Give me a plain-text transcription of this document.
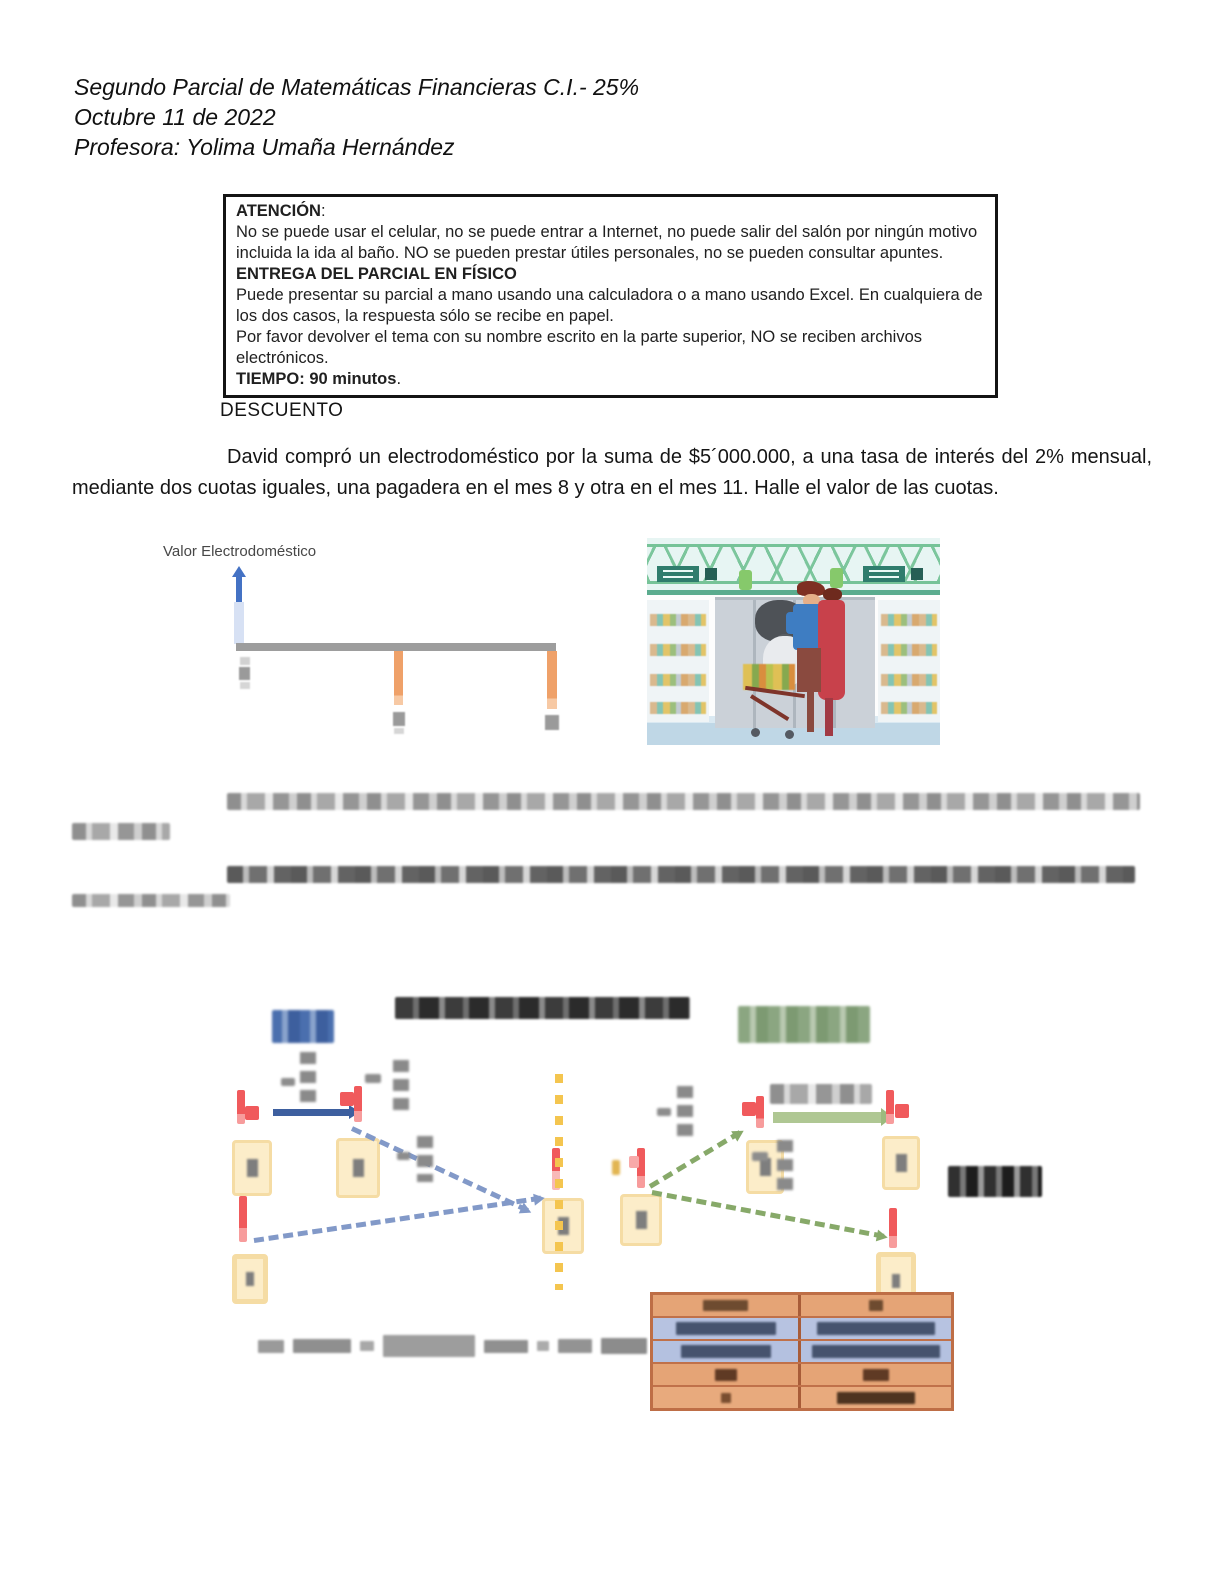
Segundo Parcial de Matemáticas Financieras C.I.- 25%
Octubre 11 de 2022
Profesora: Yolima Umaña Hernández
ATENCIÓN:
No se puede usar el celular, no se puede entrar a Internet, no puede salir del salón por ningún motivo incluida la ida al baño. NO se pueden prestar útiles personales, no se pueden consultar apuntes.
ENTREGA DEL PARCIAL EN FÍSICO
Puede presentar su parcial a mano usando una calculadora o a mano usando Excel. En cualquiera de los dos casos, la respuesta sólo se recibe en papel.
Por favor devolver el tema con su nombre escrito en la parte superior, NO se reciben archivos electrónicos.
TIEMPO: 90 minutos.
DESCUENTO
David compró un electrodoméstico por la suma de $5´000.000, a una tasa de interés del 2% mensual, mediante dos cuotas iguales, una pagadera en el mes 8 y otra en el mes 11. Halle el valor de las cuotas.
Valor Electrodoméstico
